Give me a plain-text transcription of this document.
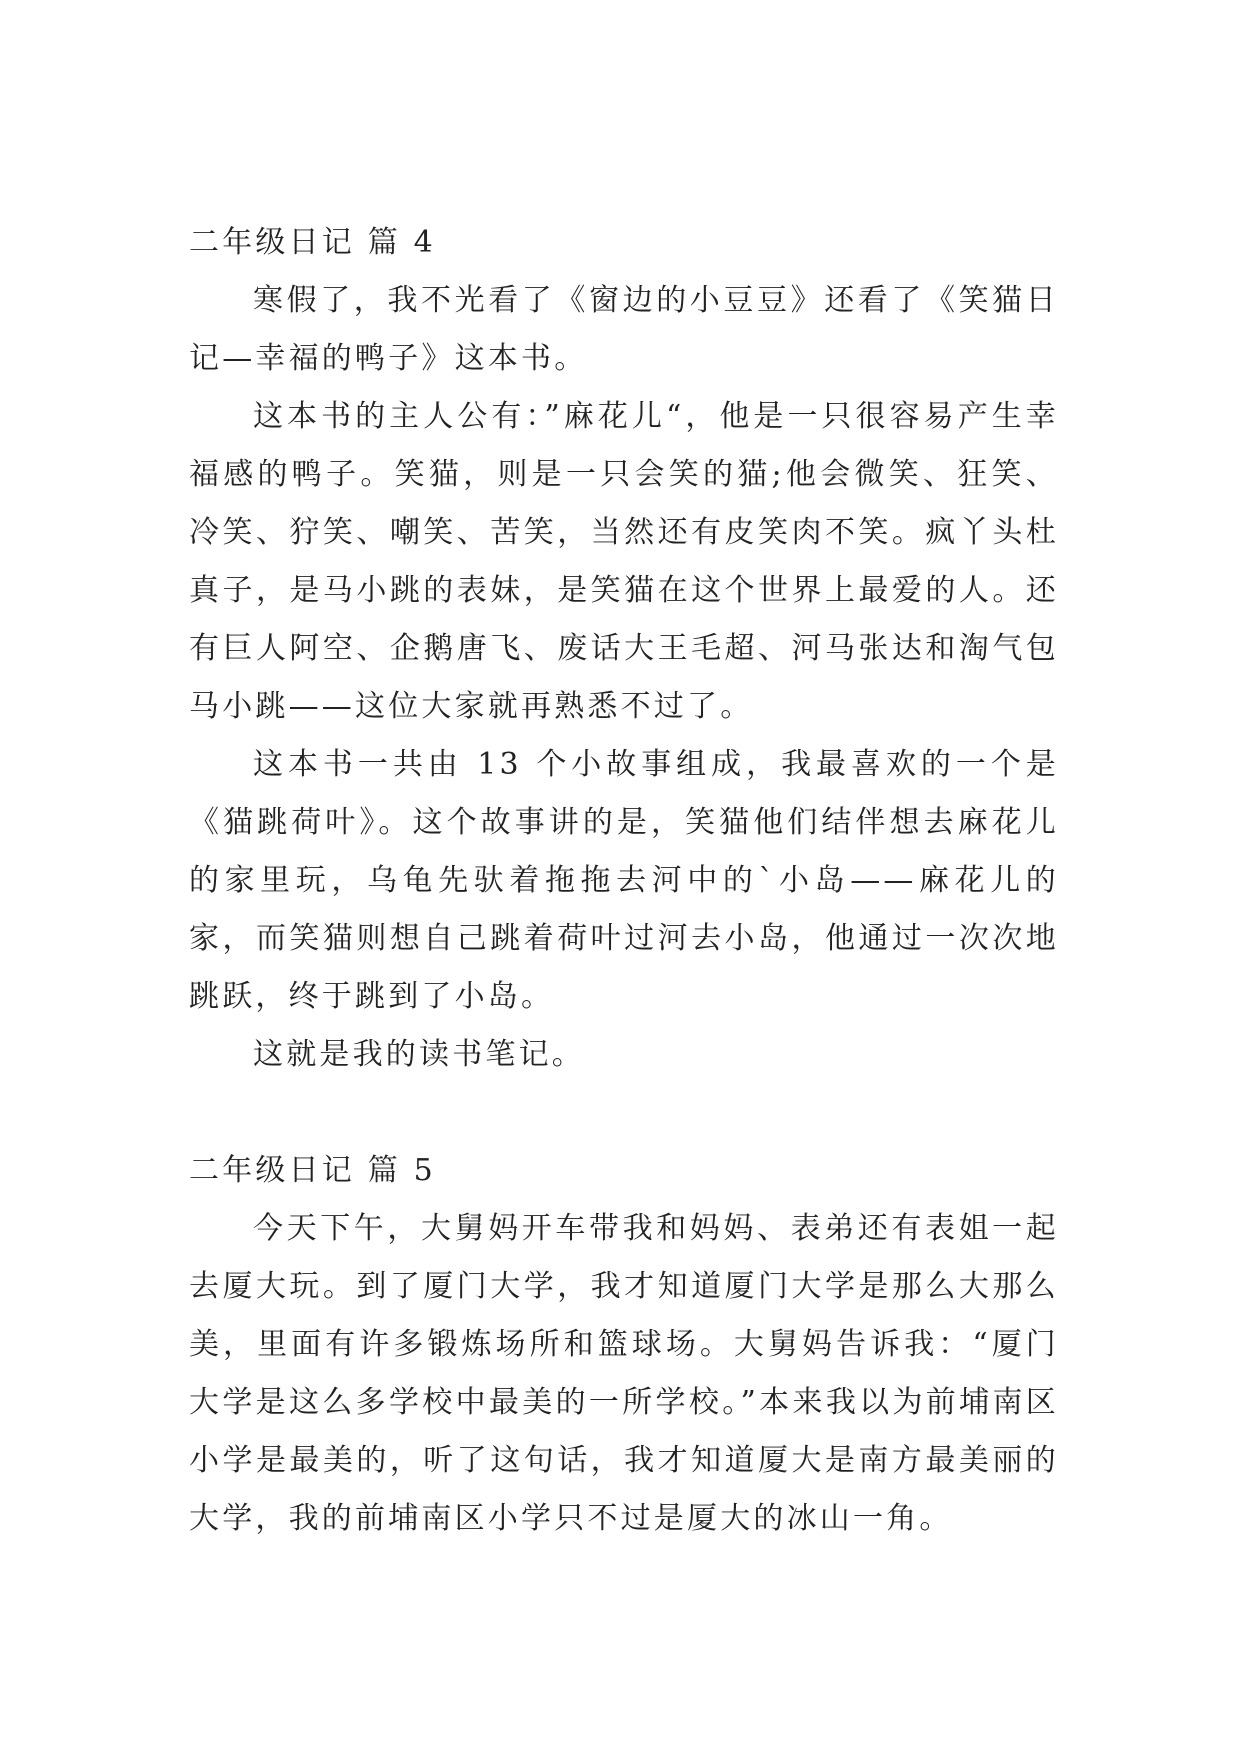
二年级日记 篇 4

寒假了，我不光看了《窗边的小豆豆》还看了《笑猫日记—幸福的鸭子》这本书。

这本书的主人公有：”麻花儿“，他是一只很容易产生幸福感的鸭子。笑猫，则是一只会笑的猫;他会微笑、狂笑、冷笑、狞笑、嘲笑、苦笑，当然还有皮笑肉不笑。疯丫头杜真子，是马小跳的表妹，是笑猫在这个世界上最爱的人。还有巨人阿空、企鹅唐飞、废话大王毛超、河马张达和淘气包马小跳——这位大家就再熟悉不过了。

这本书一共由 13 个小故事组成，我最喜欢的一个是《猫跳荷叶》。这个故事讲的是，笑猫他们结伴想去麻花儿的家里玩，乌龟先驮着拖拖去河中的`小岛——麻花儿的家，而笑猫则想自己跳着荷叶过河去小岛，他通过一次次地跳跃，终于跳到了小岛。

这就是我的读书笔记。

二年级日记 篇 5

今天下午，大舅妈开车带我和妈妈、表弟还有表姐一起去厦大玩。到了厦门大学，我才知道厦门大学是那么大那么美，里面有许多锻炼场所和篮球场。大舅妈告诉我：“厦门大学是这么多学校中最美的一所学校。”本来我以为前埔南区小学是最美的，听了这句话，我才知道厦大是南方最美丽的大学，我的前埔南区小学只不过是厦大的冰山一角。
